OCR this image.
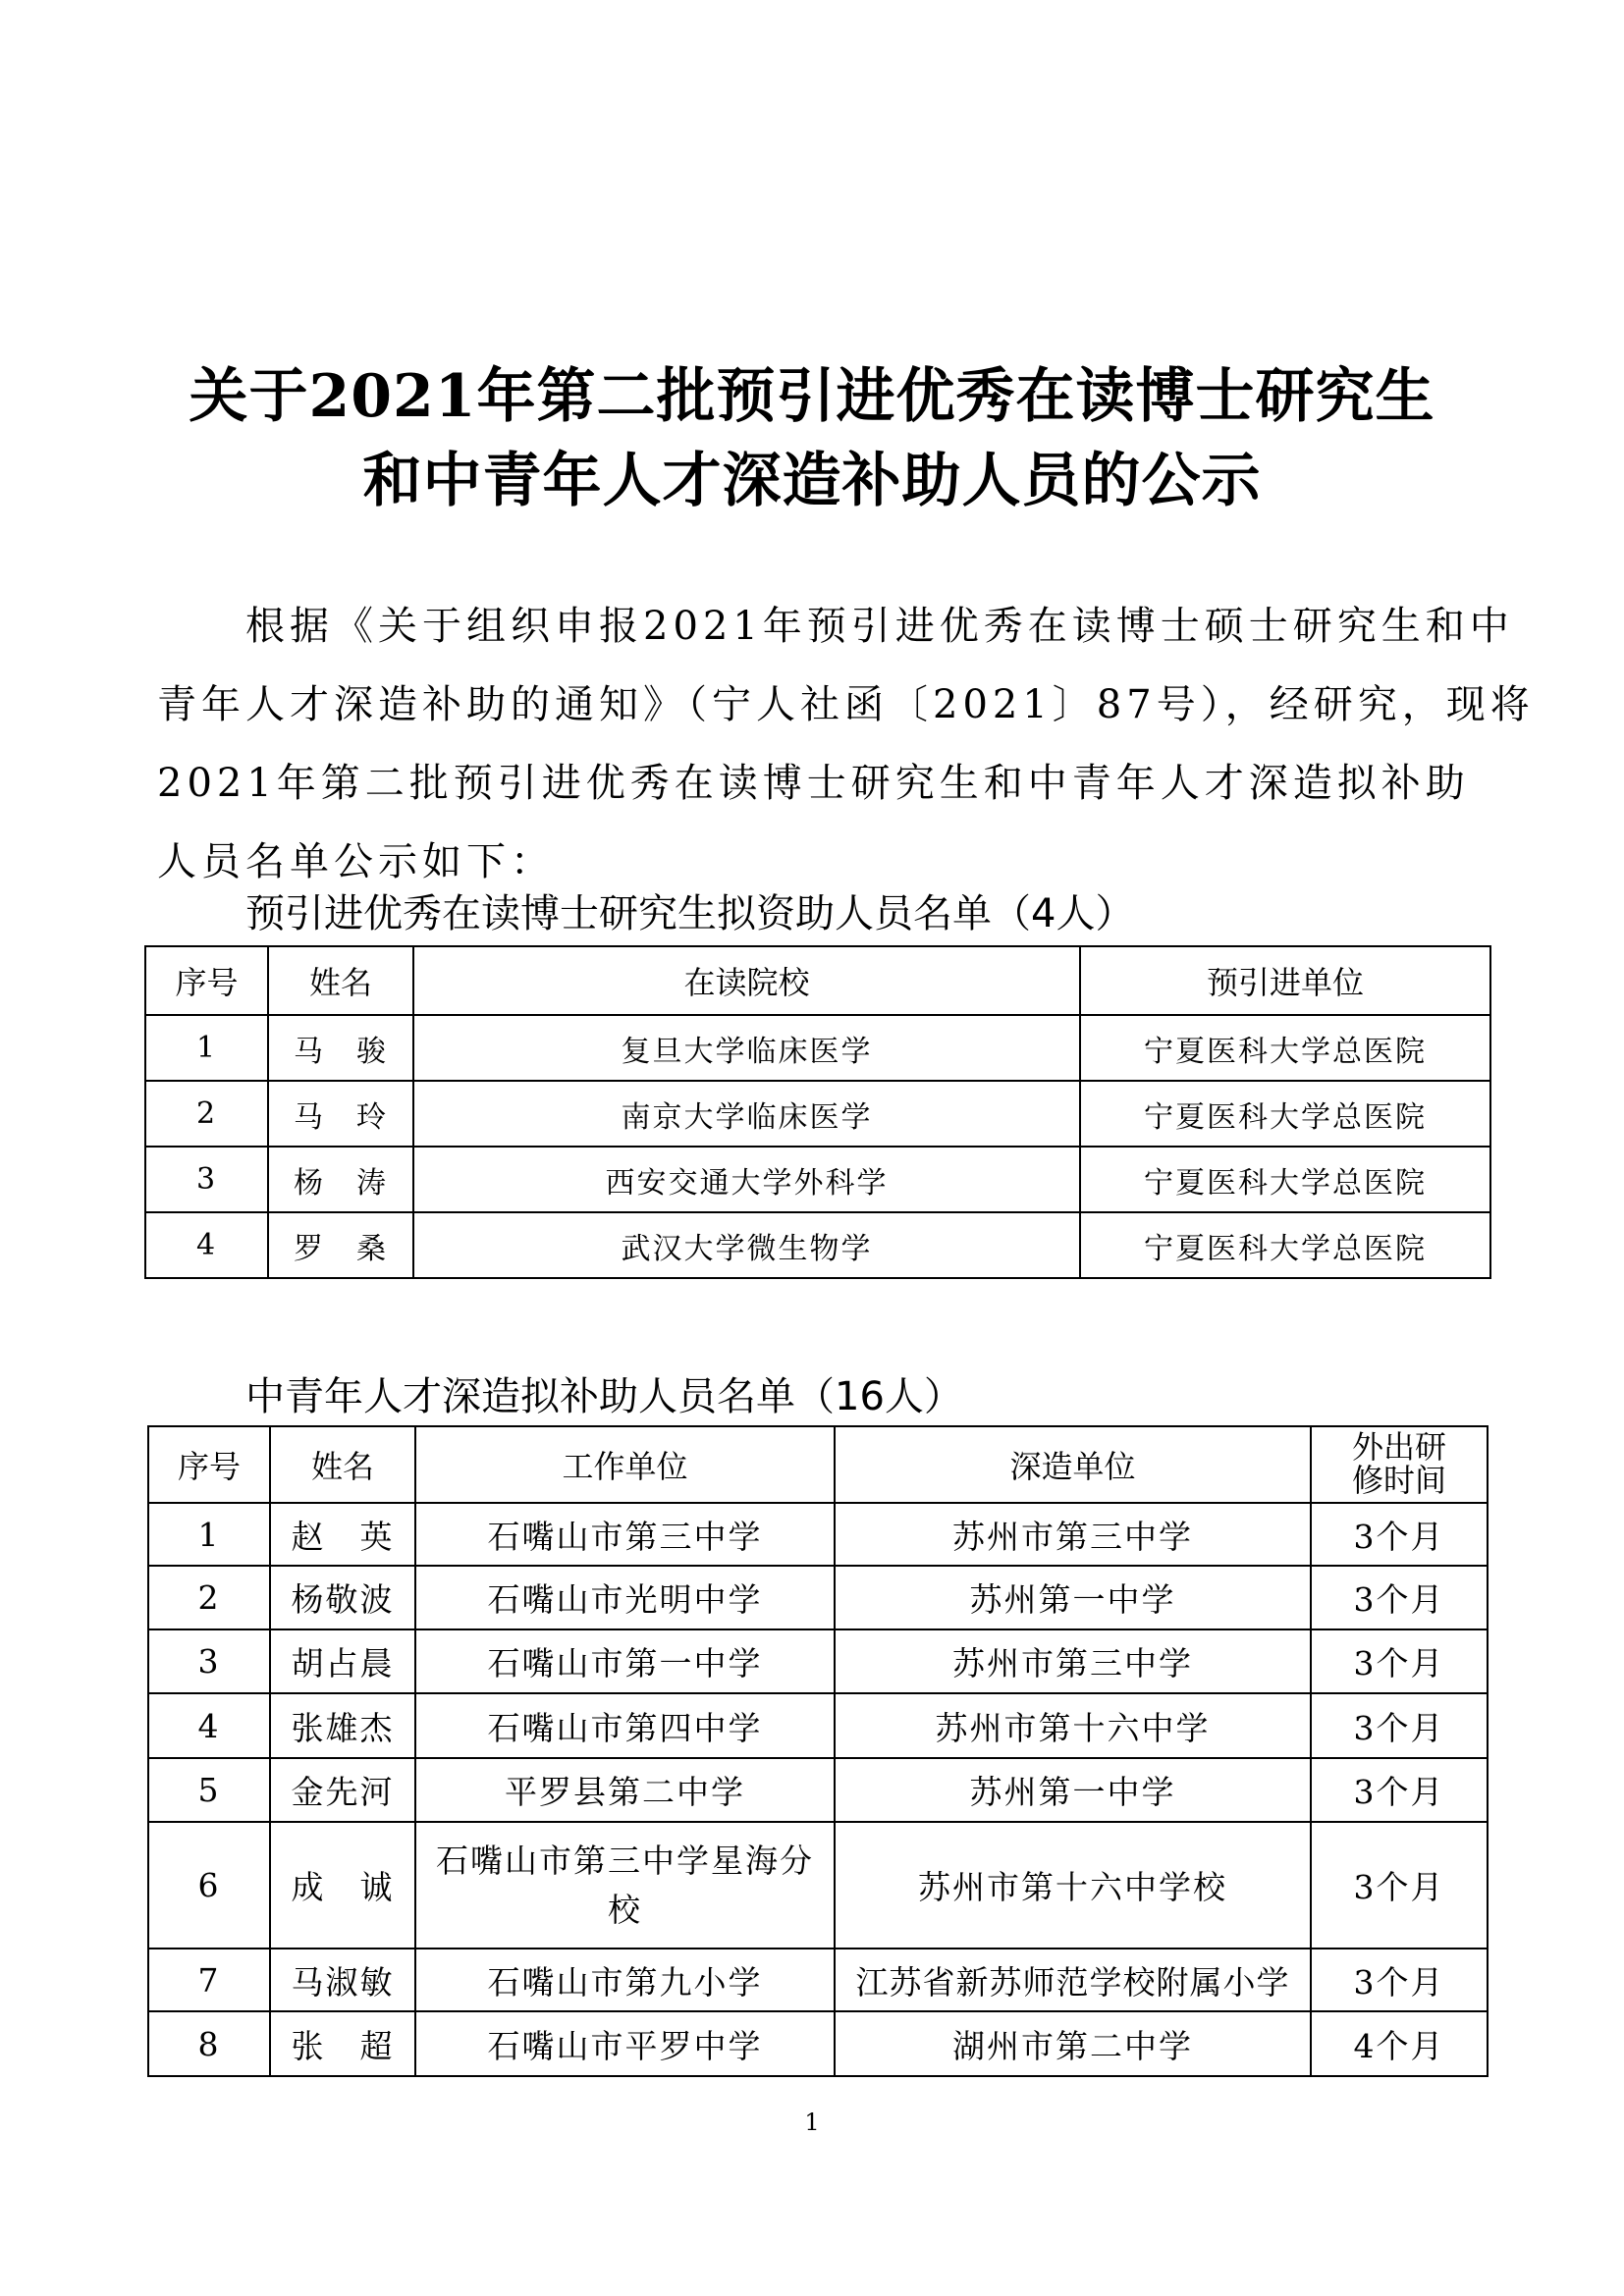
关于2021年第二批预引进优秀在读博士研究生
和中青年人才深造补助人员的公示
根据《关于组织申报2021年预引进优秀在读博士硕士研究生和中
青年人才深造补助的通知》（宁人社函〔2021〕87号），经研究，现将
2021年第二批预引进优秀在读博士研究生和中青年人才深造拟补助
人员名单公示如下：
预引进优秀在读博士研究生拟资助人员名单（4人）
序号	姓名	在读院校	预引进单位
1	马　骏	复旦大学临床医学	宁夏医科大学总医院
2	马　玲	南京大学临床医学	宁夏医科大学总医院
3	杨　涛	西安交通大学外科学	宁夏医科大学总医院
4	罗　桑	武汉大学微生物学	宁夏医科大学总医院
中青年人才深造拟补助人员名单（16人）
序号	姓名	工作单位	深造单位	外出研修时间
1	赵　英	石嘴山市第三中学	苏州市第三中学	3个月
2	杨敬波	石嘴山市光明中学	苏州第一中学	3个月
3	胡占晨	石嘴山市第一中学	苏州市第三中学	3个月
4	张雄杰	石嘴山市第四中学	苏州市第十六中学	3个月
5	金先河	平罗县第二中学	苏州第一中学	3个月
6	成　诚	石嘴山市第三中学星海分校	苏州市第十六中学校	3个月
7	马淑敏	石嘴山市第九小学	江苏省新苏师范学校附属小学	3个月
8	张　超	石嘴山市平罗中学	湖州市第二中学	4个月
1
